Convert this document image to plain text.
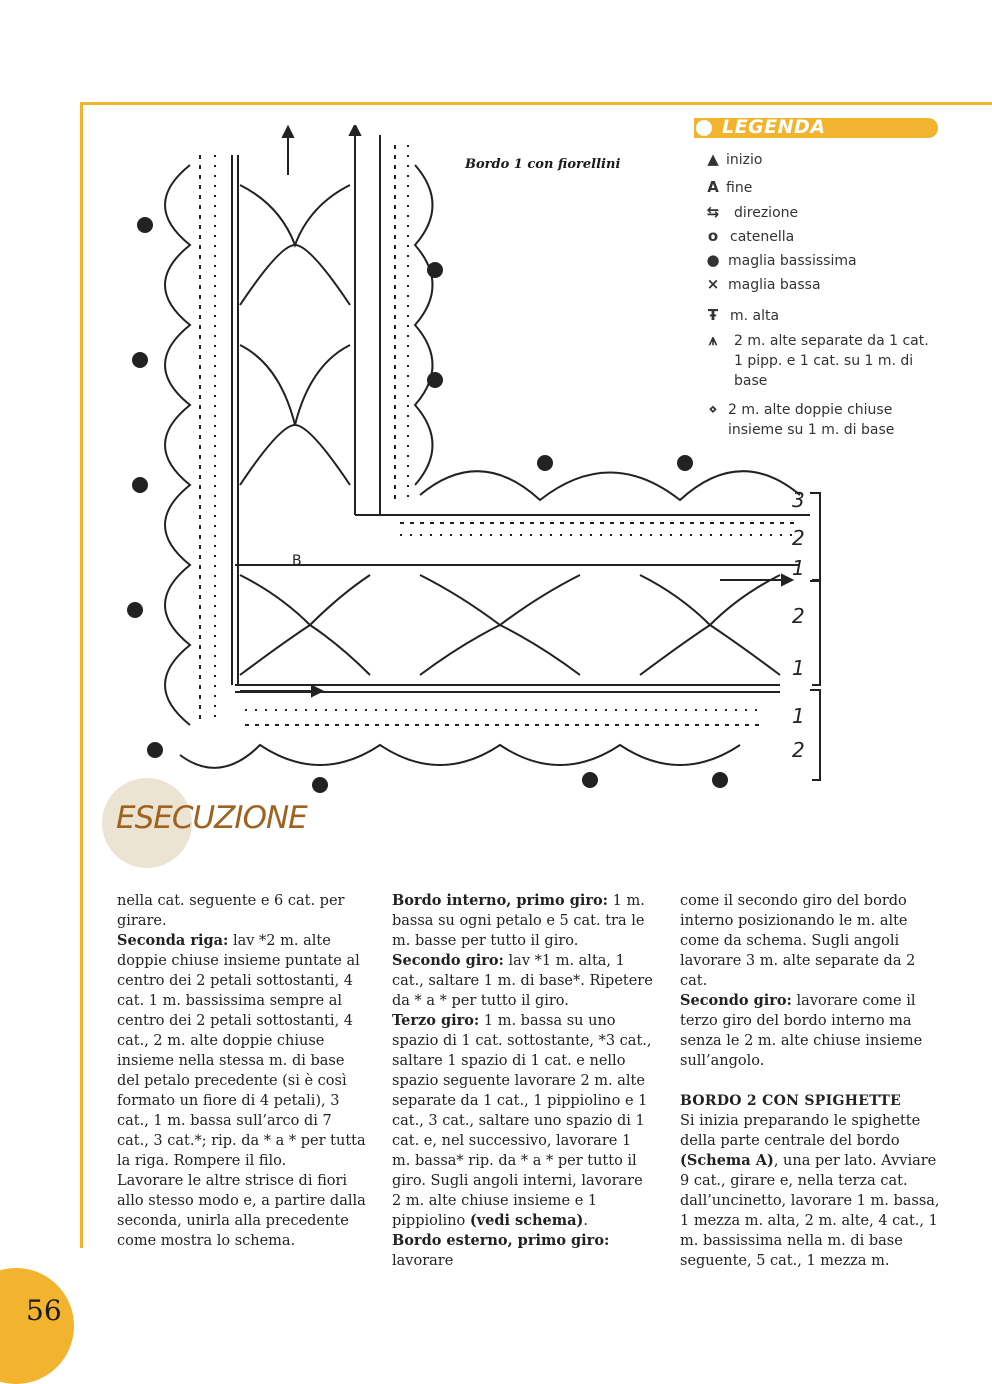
LEGENDA
▲ inizio
A fine
⇆	direzione
o catenella
● maglia bassissima
× maglia bassa
Ŧ m. alta
⩚	2 m. alte separate da 1 cat. 1 pipp. e 1 cat. su 1 m. di base
⋄ 2 m. alte doppie chiuse insieme su 1 m. di base
B
3
2
1
2
1
1
2
Bordo 1 con fiorellini
ESECUZIONE

nella cat. seguente e 6 cat. per girare.

Seconda riga: lav *2 m. alte doppie chiuse insieme puntate al centro dei 2 petali sottostanti, 4 cat. 1 m. bassissima sempre al centro dei 2 petali sottostanti, 4 cat., 2 m. alte doppie chiuse insieme nella stessa m. di base del petalo precedente (si è così formato un fiore di 4 petali), 3 cat., 1 m. bassa sull’arco di 7 cat., 3 cat.*; rip. da * a * per tutta la riga. Rompere il filo.

Lavorare le altre strisce di fiori allo stesso modo e, a partire dalla seconda, unirla alla precedente come mostra lo schema.

Bordo interno, primo giro: 1 m. bassa su ogni petalo e 5 cat. tra le m. basse per tutto il giro.

Secondo giro: lav *1 m. alta, 1 cat., saltare 1 m. di base*. Ripetere da * a * per tutto il giro.

Terzo giro: 1 m. bassa su uno spazio di 1 cat. sottostante, *3 cat., saltare 1 spazio di 1 cat. e nello spazio seguente lavorare 2 m. alte separate da 1 cat., 1 pippiolino e 1 cat., 3 cat., saltare uno spazio di 1 cat. e, nel successivo, lavorare 1 m. bassa* rip. da * a * per tutto il giro. Sugli angoli interni, lavorare 2 m. alte chiuse insieme e 1 pippiolino (vedi schema).

Bordo esterno, primo giro: lavorare

come il secondo giro del bordo interno posizionando le m. alte come da schema. Sugli angoli lavorare 3 m. alte separate da 2 cat.

Secondo giro: lavorare come il terzo giro del bordo interno ma senza le 2 m. alte chiuse insieme sull’angolo.

BORDO 2 CON SPIGHETTE

Si inizia preparando le spighette della parte centrale del bordo (Schema A), una per lato. Avviare 9 cat., girare e, nella terza cat. dall’uncinetto, lavorare 1 m. bassa, 1 mezza m. alta, 2 m. alte, 4 cat., 1 m. bassissima nella m. di base seguente, 5 cat., 1 mezza m.

56
